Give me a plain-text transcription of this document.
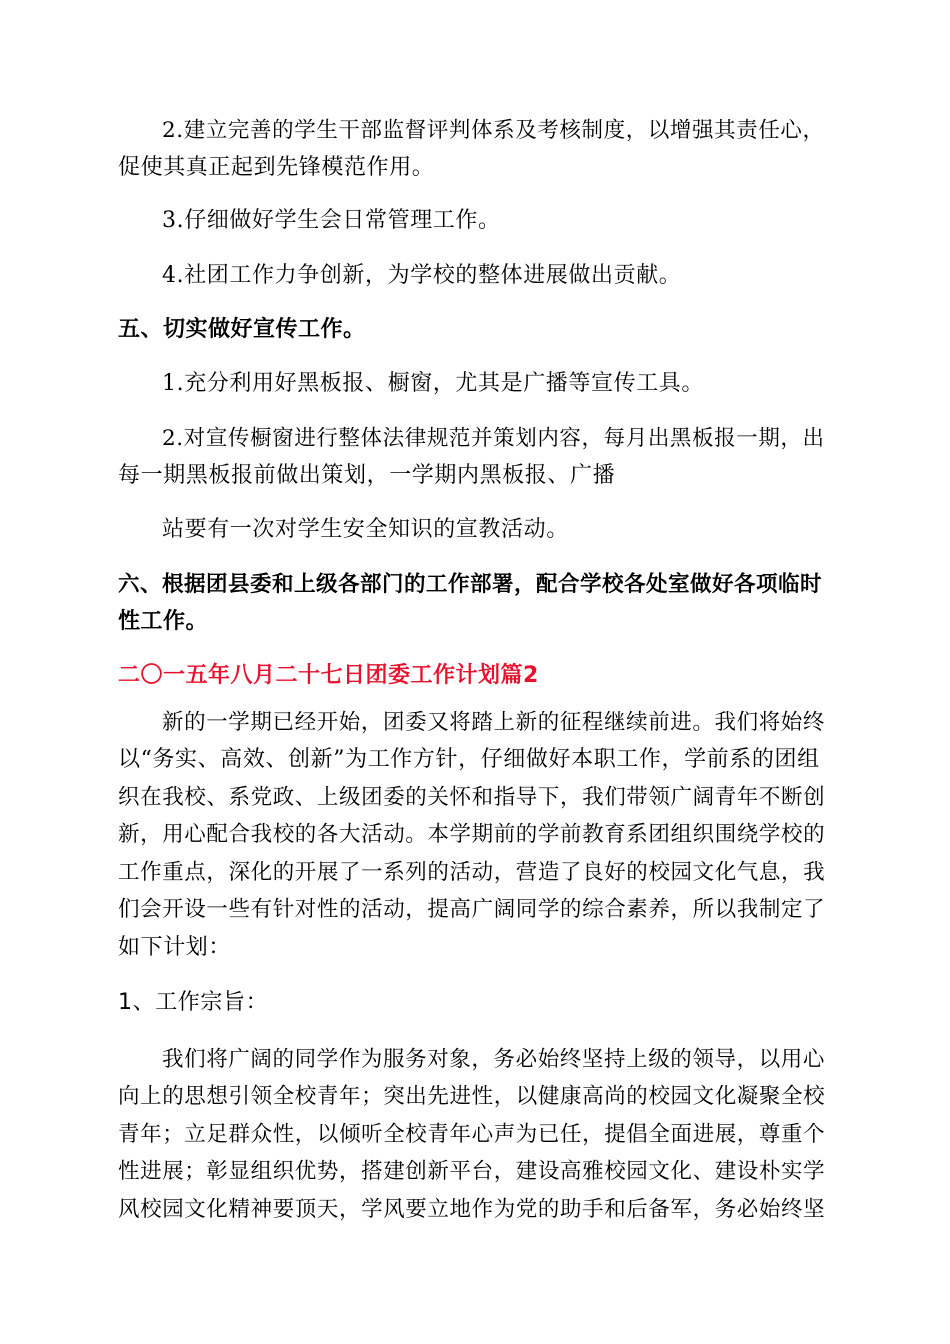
2.建立完善的学生干部监督评判体系及考核制度，以增强其责任心，
促使其真正起到先锋模范作用。
3.仔细做好学生会日常管理工作。
4.社团工作力争创新，为学校的整体进展做出贡献。
五、切实做好宣传工作。
1.充分利用好黑板报、橱窗，尤其是广播等宣传工具。
2.对宣传橱窗进行整体法律规范并策划内容，每月出黑板报一期，出
每一期黑板报前做出策划，一学期内黑板报、广播
站要有一次对学生安全知识的宣教活动。
六、根据团县委和上级各部门的工作部署，配合学校各处室做好各项临时
性工作。
二〇一五年八月二十七日团委工作计划篇2
新的一学期已经开始，团委又将踏上新的征程继续前进。我们将始终
以“务实、高效、创新”为工作方针，仔细做好本职工作，学前系的团组
织在我校、系党政、上级团委的关怀和指导下，我们带领广阔青年不断创
新，用心配合我校的各大活动。本学期前的学前教育系团组织围绕学校的
工作重点，深化的开展了一系列的活动，营造了良好的校园文化气息，我
们会开设一些有针对性的活动，提高广阔同学的综合素养，所以我制定了
如下计划：
1、工作宗旨：
我们将广阔的同学作为服务对象，务必始终坚持上级的领导，以用心
向上的思想引领全校青年；突出先进性，以健康高尚的校园文化凝聚全校
青年；立足群众性，以倾听全校青年心声为已任，提倡全面进展，尊重个
性进展；彰显组织优势，搭建创新平台，建设高雅校园文化、建设朴实学
风校园文化精神要顶天，学风要立地作为党的助手和后备军，务必始终坚
